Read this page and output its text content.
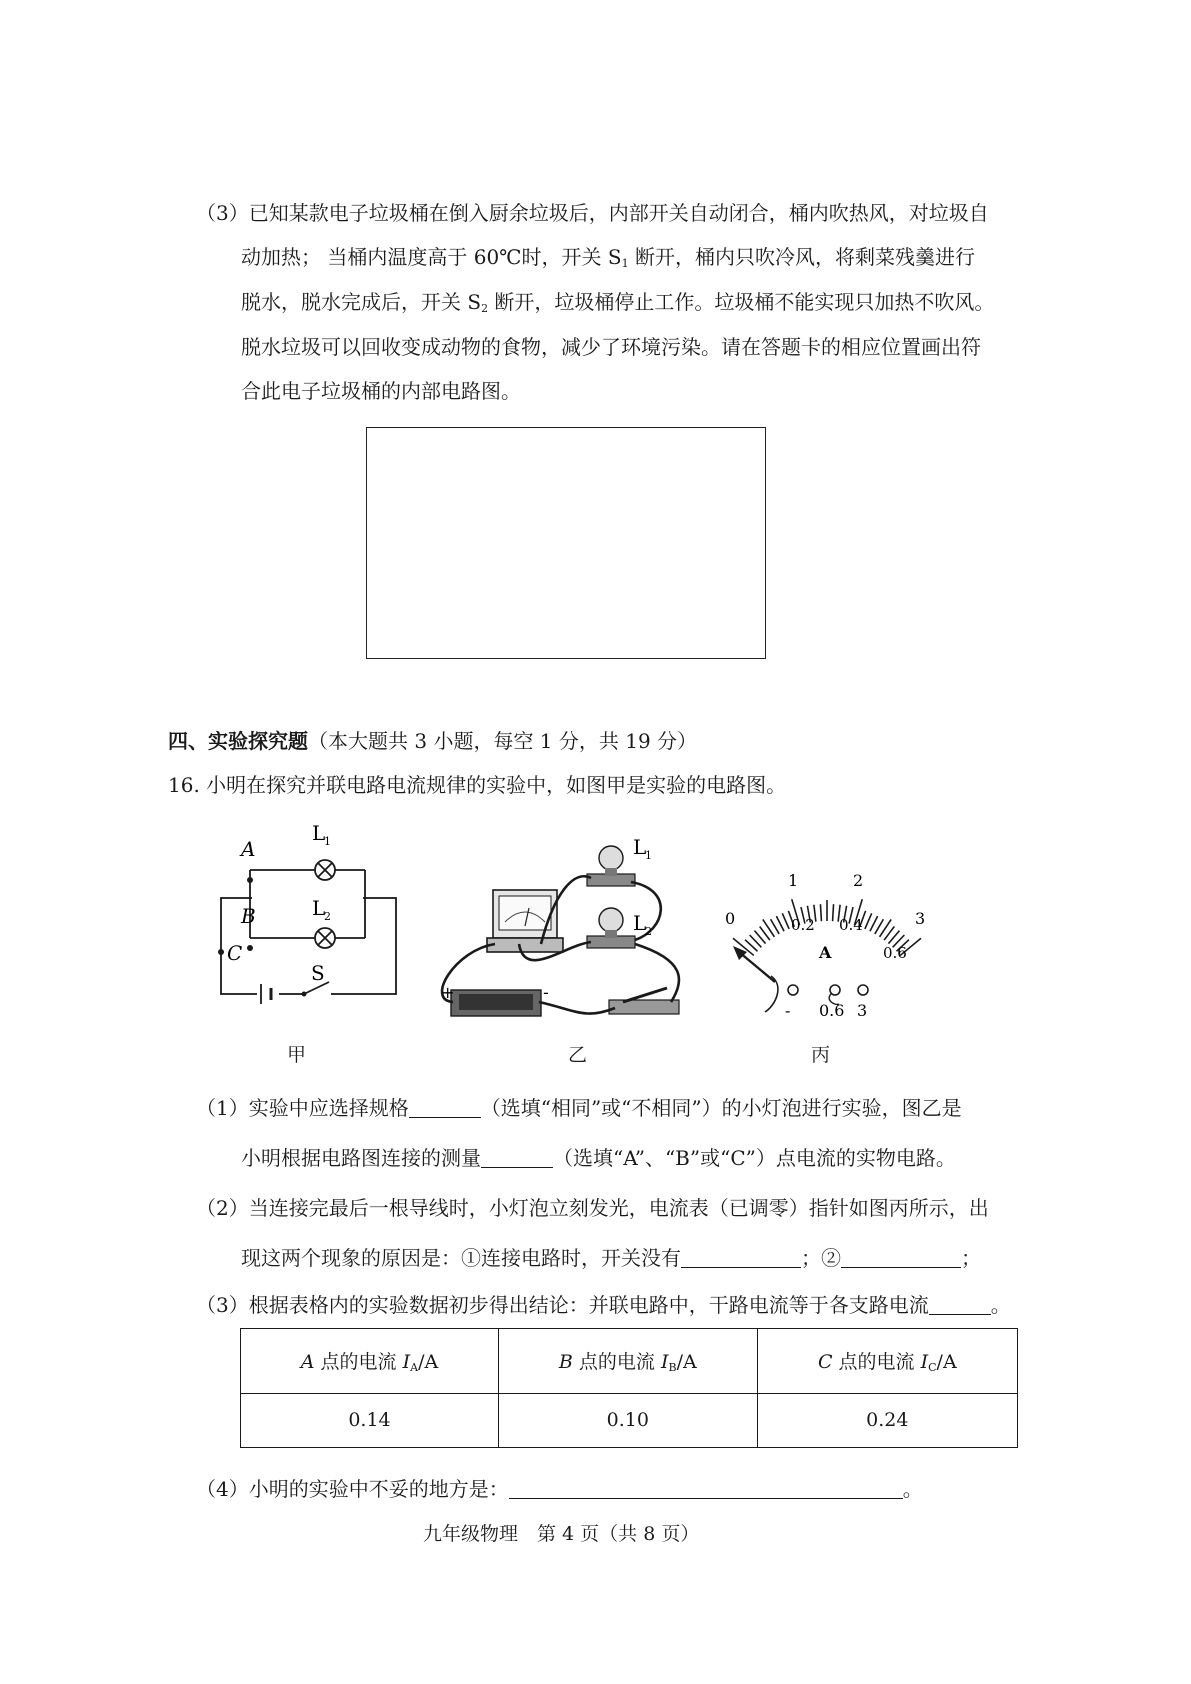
（3）已知某款电子垃圾桶在倒入厨余垃圾后，内部开关自动闭合，桶内吹热风，对垃圾自
动加热； 当桶内温度高于 60℃时，开关 $S_1$ 断开，桶内只吹冷风，将剩菜残羹进行
脱水，脱水完成后，开关 $S_2$ 断开，垃圾桶停止工作。垃圾桶不能实现只加热不吹风。
脱水垃圾可以回收变成动物的食物，减少了环境污染。请在答题卡的相应位置画出符
合此电子垃圾桶的内部电路图。
四、实验探究题（本大题共 3 小题，每空 1 分，共 19 分）
16. 小明在探究并联电路电流规律的实验中，如图甲是实验的电路图。
A
B
C
L
1
L
2
S
甲
+	-
L
1
L
2
乙
0
1	2
3
0.2 0.4
0.6
A
- 0.6 3
丙
（1）实验中应选择规格	（选填“相同”或“不相同”）的小灯泡进行实验，图乙是
小明根据电路图连接的测量	（选填“A”、“B”或“C”）点电流的实物电路。
（2）当连接完最后一根导线时，小灯泡立刻发光，电流表（已调零）指针如图丙所示，出
现这两个现象的原因是：①连接电路时，开关没有	；②	；
（3）根据表格内的实验数据初步得出结论：并联电路中，干路电流等于各支路电流	。
A 点的电流 $I_A/A$	B 点的电流 $I_B/A$	C 点的电流 $I_C/A$
0.14	0.10	0.24
（4）小明的实验中不妥的地方是：	。
九年级物理　第 4 页（共 8 页）
